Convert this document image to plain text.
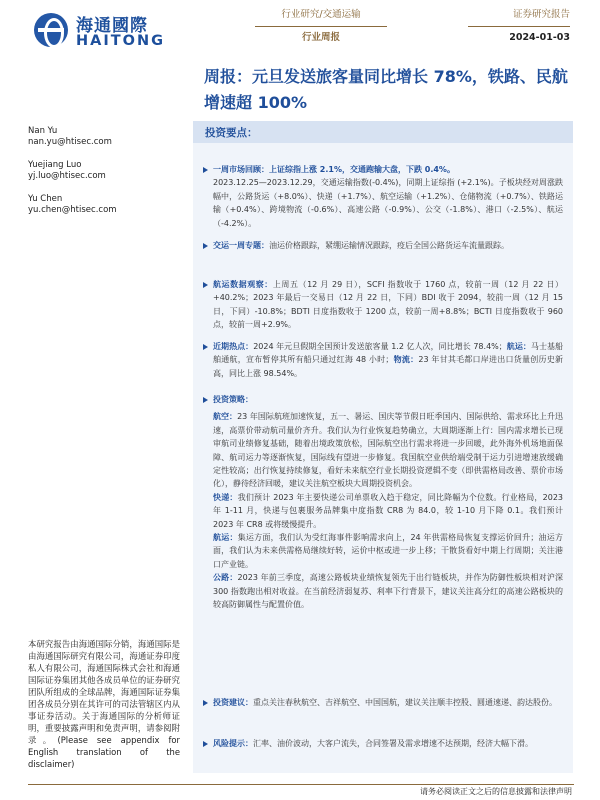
海通國際
HAITONG
行业研究/交通运输
行业周报
证券研究报告
2024-01-03
周报：元旦发送旅客量同比增长 78%，铁路、民航增速超 100%
Nan Yu
nan.yu@htisec.com
Yuejiang Luo
yj.luo@htisec.com
Yu Chen
yu.chen@htisec.com
本研究报告由海通国际分销，海通国际是由海通国际研究有限公司，海通证券印度私人有限公司，海通国际株式会社和海通国际证券集团其他各成员单位的证券研究团队所组成的全球品牌，海通国际证券集团各成员分别在其许可的司法管辖区内从事证券活动。关于海通国际的分析师证明，重要披露声明和免责声明，请参阅附录。(Please see appendix for English translation of the disclaimer)
投资要点：
一周市场回顾：上证综指上涨 2.1%，交通跑输大盘，下跌 0.4%。
2023.12.25—2023.12.29，交通运输指数(-0.4%)，同期上证综指 (+2.1%)。子板块经对周涨跌幅中，公路货运（+8.0%）、快递（+1.7%）、航空运输（+1.2%）、仓储物流（+0.7%）、铁路运输（+0.4%）、跨境物流（-0.6%）、高速公路（-0.9%）、公交（-1.8%）、港口（-2.5%）、航运（-4.2%）。
交运一周专题：油运价格跟踪，紧绷运输情况跟踪，疫后全国公路货运车流量跟踪。
航运数据观察：上周五（12 月 29 日），SCFI 指数收于 1760 点，较前一周（12 月 22 日）+40.2%；2023 年最后一交易日（12 月 22 日，下同）BDI 收于 2094，较前一周（12 月 15 日，下同）-10.8%；BDTI 日度指数收于 1200 点，较前一周+8.8%；BCTI 日度指数收于 960 点，较前一周+2.9%。
近期热点：2024 年元旦假期全国预计发送旅客量 1.2 亿人次，同比增长 78.4%；航运：马士基船舶通航，宣布暂停其所有船只通过红海 48 小时；物流：23 年甘其毛都口岸进出口货量创历史新高，同比上涨 98.54%。
投资策略：
航空：23 年国际航班加速恢复，五一、暑运、国庆等节假日旺季国内、国际供给、需求环比上升迅速，高票价带动航司量价齐升。我们认为行业恢复趋势确立，大周期逐渐上行：国内需求增长已现审航司业绩修复基础，随着出境政策放松，国际航空出行需求将进一步回暖，此外海外机场地面保障、航司运力等逐渐恢复，国际线有望进一步修复。我国航空业供给端受制于运力引进增速放缓确定性较高；出行恢复持续修复，看好未来航空行业长期投资逻辑不变（即供需格局改善、票价市场化），静待经济回暖，建议关注航空板块大周期投资机会。
快递：我们预计 2023 年主要快递公司单票收入趋于稳定，同比降幅为个位数。行业格局，2023 年 1-11 月，快递与包裹服务品牌集中度指数 CR8 为 84.0，较 1-10 月下降 0.1。我们预计 2023 年 CR8 或将缓慢提升。
航运：集运方面，我们认为受红海事件影响需求向上，24 年供需格局恢复支撑运价回升；油运方面，我们认为未来供需格局继续好转，运价中枢或进一步上移；干散货看好中期上行周期；关注港口产业链。
公路：2023 年前三季度，高速公路板块业绩恢复领先于出行链板块，并作为防御性板块相对沪深 300 指数跑出相对收益。在当前经济弱复苏、利率下行背景下，建议关注高分红的高速公路板块的较高防御属性与配置价值。
投资建议：重点关注春秋航空、吉祥航空、中国国航，建议关注顺丰控股、圆通速递、韵达股份。
风险提示：汇率、油价波动，大客户流失，合同签署及需求增速不达预期，经济大幅下滑。
请务必阅读正文之后的信息披露和法律声明
